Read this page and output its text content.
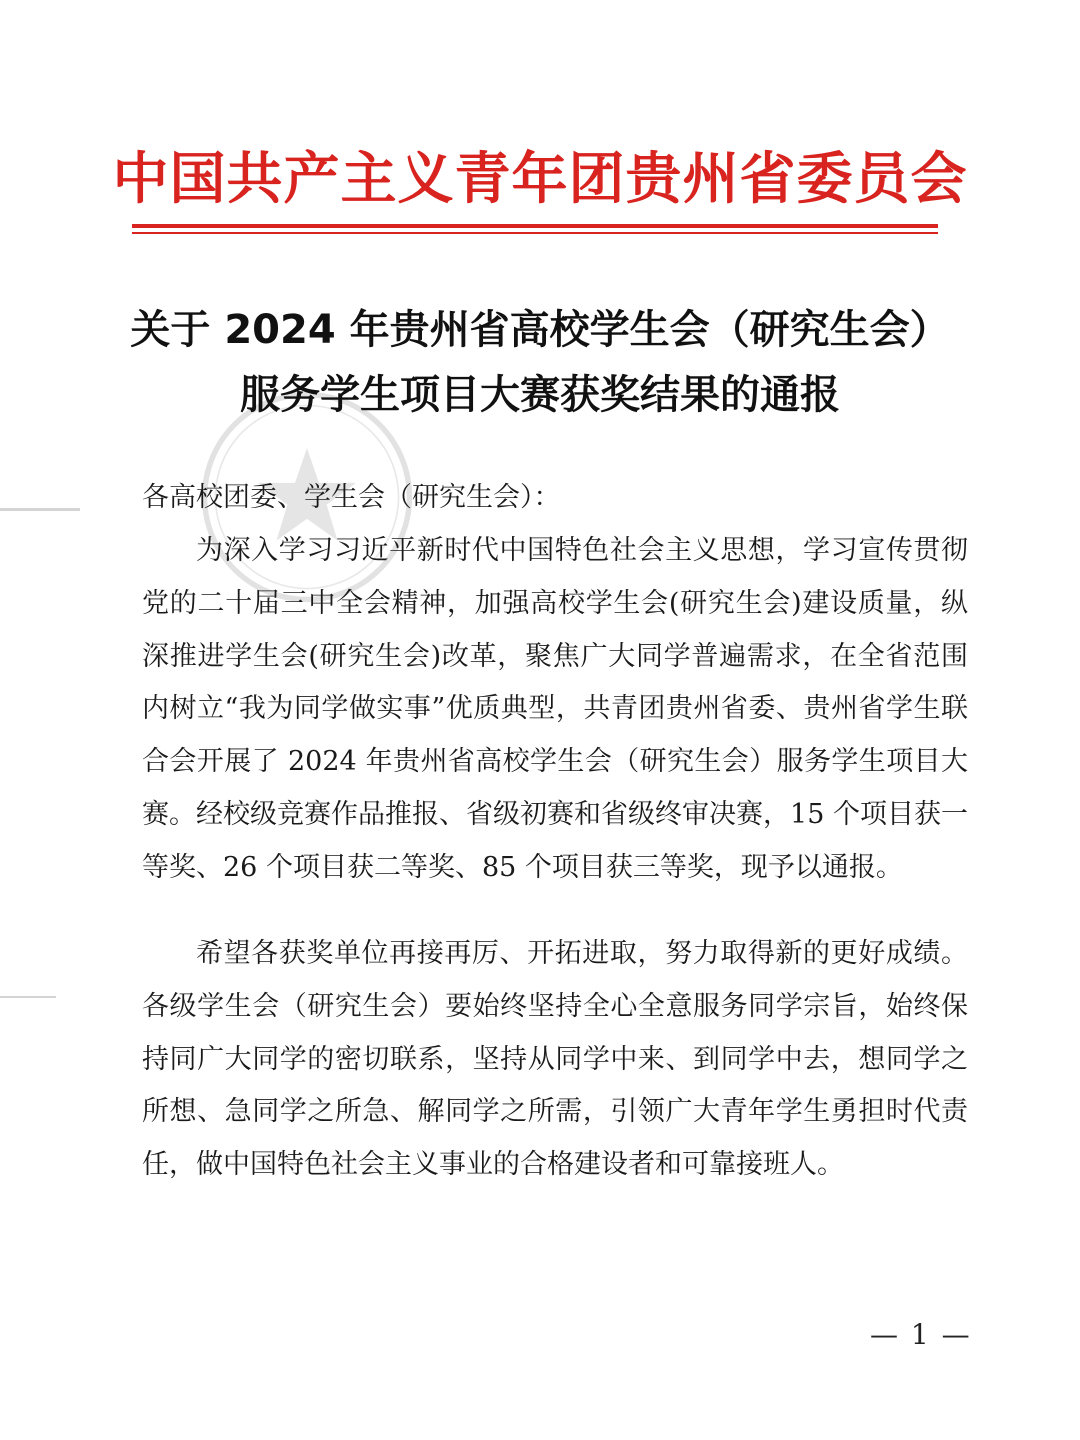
中国共产主义青年团贵州省委员会
关于 2024 年贵州省高校学生会（研究生会）
服务学生项目大赛获奖结果的通报
各高校团委、学生会（研究生会）：
为深入学习习近平新时代中国特色社会主义思想，学习宣传贯彻党的二十届三中全会精神，加强高校学生会(研究生会)建设质量，纵深推进学生会(研究生会)改革，聚焦广大同学普遍需求，在全省范围内树立“我为同学做实事”优质典型，共青团贵州省委、贵州省学生联合会开展了 2024 年贵州省高校学生会（研究生会）服务学生项目大赛。经校级竞赛作品推报、省级初赛和省级终审决赛，15 个项目获一等奖、26 个项目获二等奖、85 个项目获三等奖，现予以通报。
希望各获奖单位再接再厉、开拓进取，努力取得新的更好成绩。各级学生会（研究生会）要始终坚持全心全意服务同学宗旨，始终保持同广大同学的密切联系，坚持从同学中来、到同学中去，想同学之所想、急同学之所急、解同学之所需，引领广大青年学生勇担时代责任，做中国特色社会主义事业的合格建设者和可靠接班人。
— 1 —
